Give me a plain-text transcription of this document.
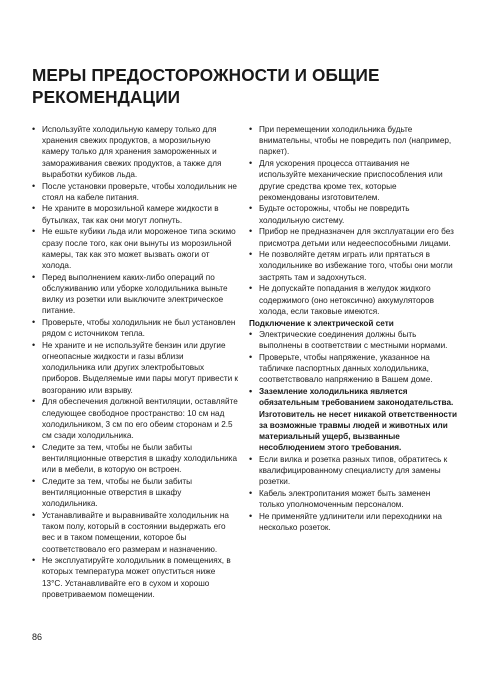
МЕРЫ ПРЕДОСТОРОЖНОСТИ И ОБЩИЕ
РЕКОМЕНДАЦИИ
• Используйте холодильную камеру только для хранения свежих продуктов, а морозильную камеру только для хранения замороженных и замораживания свежих продуктов, а также для выработки кубиков льда.
• После установки проверьте, чтобы холодильник не стоял на кабеле питания.
• Не храните в морозильной камере жидкости в бутылках, так как они могут лопнуть.
• Не ешьте кубики льда или мороженое типа эскимо сразу после того, как они вынуты из морозильной камеры, так как это может вызвать ожоги от холода.
• Перед выполнением каких-либо операций по обслуживанию или уборке холодильника выньте вилку из розетки или выключите электрическое питание.
• Проверьте, чтобы холодильник не был установлен рядом с источником тепла.
• Не храните и не используйте бензин или другие огнеопасные жидкости и газы вблизи холодильника или других электробытовых приборов. Выделяемые ими пары могут привести к возгоранию или взрыву.
• Для обеспечения должной вентиляции, оставляйте следующее свободное пространство: 10 см над холодильником, 3 см по его обеим сторонам и 2.5 см сзади холодильника.
• Следите за тем, чтобы не были забиты вентиляционные отверстия в шкафу холодильника или в мебели, в которую он встроен.
• Следите за тем, чтобы не были забиты вентиляционные отверстия в шкафу холодильника.
• Устанавливайте и выравнивайте холодильник на таком полу, который в состоянии выдержать его вес и в таком помещении, которое бы соответствовало его размерам и назначению.
• Не эксплуатируйте холодильник в помещениях, в которых температура может опуститься ниже 13°C. Устанавливайте его в сухом и хорошо проветриваемом помещении.
• При перемещении холодильника будьте внимательны, чтобы не повредить пол (например, паркет).
• Для ускорения процесса оттаивания не используйте механические приспособления или другие средства кроме тех, которые рекомендованы изготовителем.
• Будьте осторожны, чтобы не повредить холодильную систему.
• Прибор не предназначен для эксплуатации его без присмотра детьми или недееспособными лицами.
• Не позволяйте детям играть или прятаться в холодильнике во избежание того, чтобы они могли застрять там и задохнуться.
• Не допускайте попадания в желудок жидкого содержимого (оно нетоксично) аккумуляторов холода, если таковые имеются.
Подключение к электрической сети
• Электрические соединения должны быть выполнены в соответствии с местными нормами.
• Проверьте, чтобы напряжение, указанное на табличке паспортных данных холодильника, соответствовало напряжению в Вашем доме.
• Заземление холодильника является обязательным требованием законодательства. Изготовитель не несет никакой ответственности за возможные травмы людей и животных или материальный ущерб, вызванные несоблюдением этого требования.
• Если вилка и розетка разных типов, обратитесь к квалифицированному специалисту для замены розетки.
• Кабель электропитания может быть заменен только уполномоченным персоналом.
• Не применяйте удлинители или переходники на несколько розеток.
86
